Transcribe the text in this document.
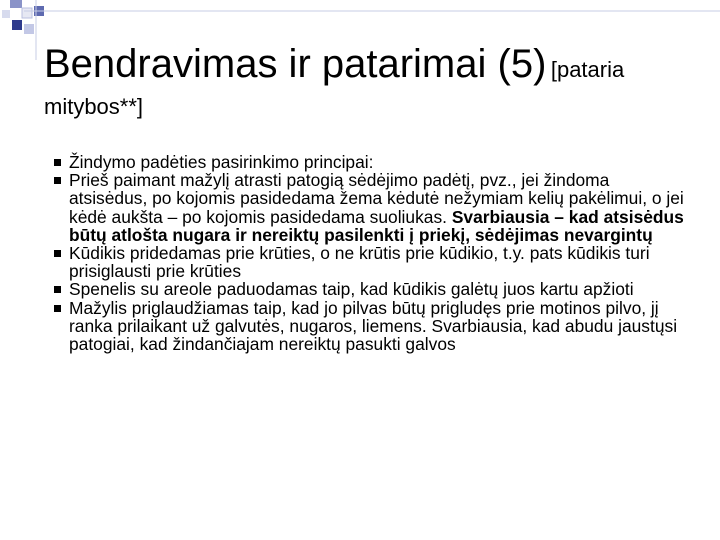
Bendravimas ir patarimai (5) [pataria
mitybos**]
Žindymo padėties pasirinkimo principai:
Prieš paimant mažylį atrasti patogią sėdėjimo padėtį, pvz., jei žindoma atsisėdus, po kojomis pasidedama žema kėdutė nežymiam kelių pakėlimui, o jei kėdė aukšta – po kojomis pasidedama suoliukas. Svarbiausia – kad atsisėdus būtų atlošta nugara ir nereiktų pasilenkti į priekį, sėdėjimas nevargintų
Kūdikis pridedamas prie krūties, o ne krūtis prie kūdikio, t.y. pats kūdikis turi prisiglausti prie krūties
Spenelis su areole paduodamas taip, kad kūdikis galėtų juos kartu apžioti
Mažylis priglaudžiamas taip, kad jo pilvas būtų prigludęs prie motinos pilvo, jį ranka prilaikant už galvutės, nugaros, liemens. Svarbiausia, kad abudu jaustųsi patogiai, kad žindančiajam nereiktų pasukti galvos
